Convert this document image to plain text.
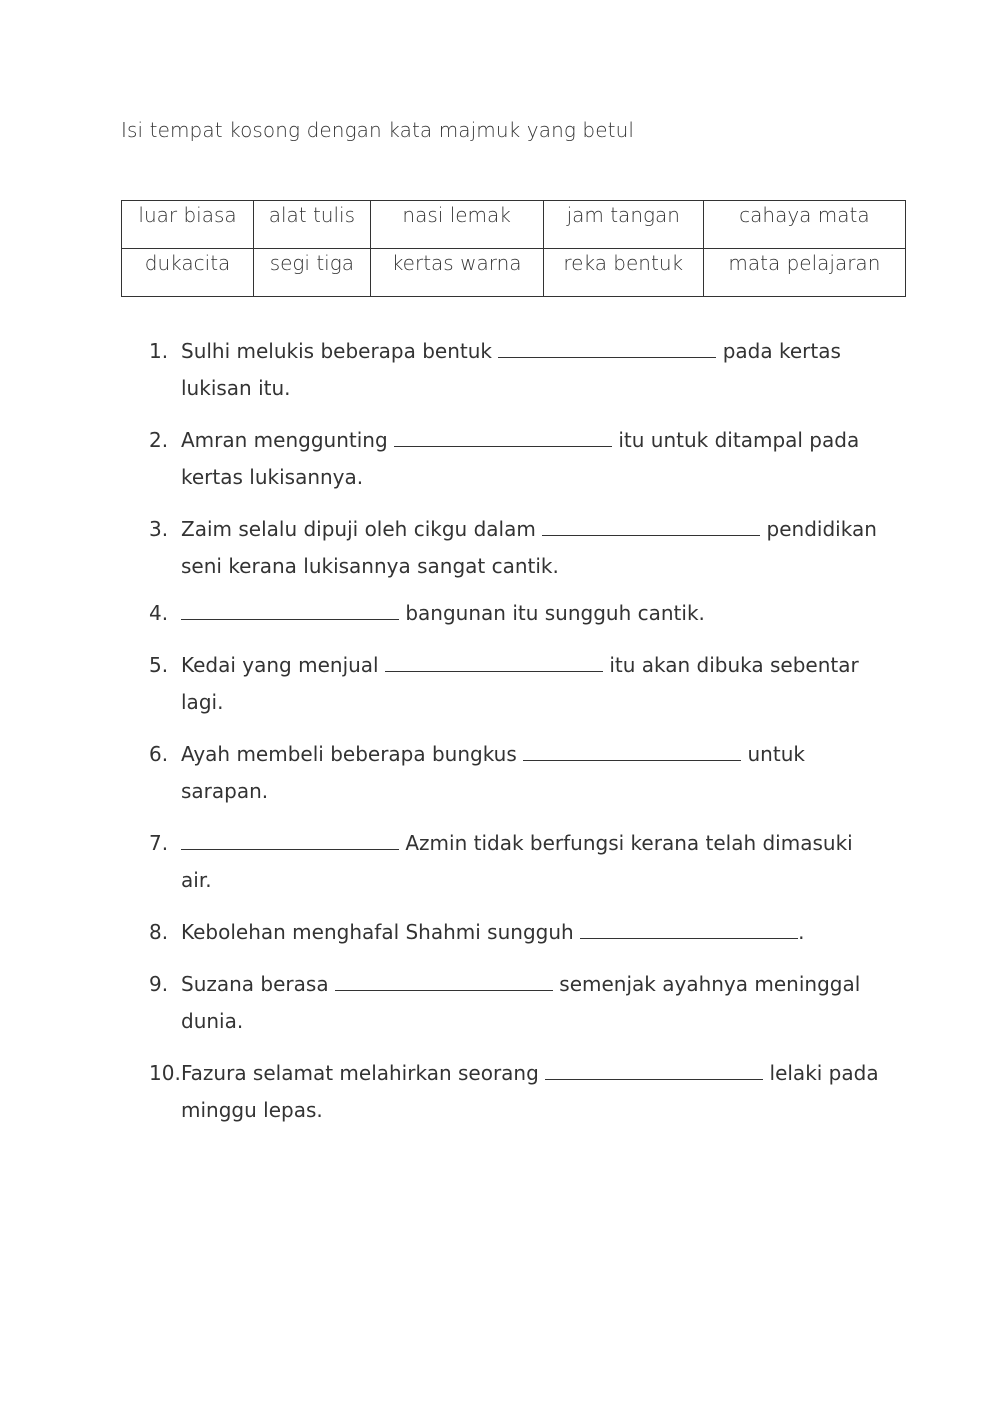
Isi tempat kosong dengan kata majmuk yang betul
luar biasa	alat tulis	nasi lemak	jam tangan	cahaya mata
dukacita	segi tiga	kertas warna	reka bentuk	mata pelajaran
1. Sulhi melukis beberapa bentuk	pada kertas
lukisan itu.
2. Amran menggunting	itu untuk ditampal pada
kertas lukisannya.
3. Zaim selalu dipuji oleh cikgu dalam	pendidikan
seni kerana lukisannya sangat cantik.
4.	bangunan itu sungguh cantik.
5. Kedai yang menjual	itu akan dibuka sebentar
lagi.
6. Ayah membeli beberapa bungkus	untuk
sarapan.
7.	Azmin tidak berfungsi kerana telah dimasuki
air.
8. Kebolehan menghafal Shahmi sungguh	.
9. Suzana berasa	semenjak ayahnya meninggal
dunia.
10. Fazura selamat melahirkan seorang	lelaki pada
minggu lepas.
